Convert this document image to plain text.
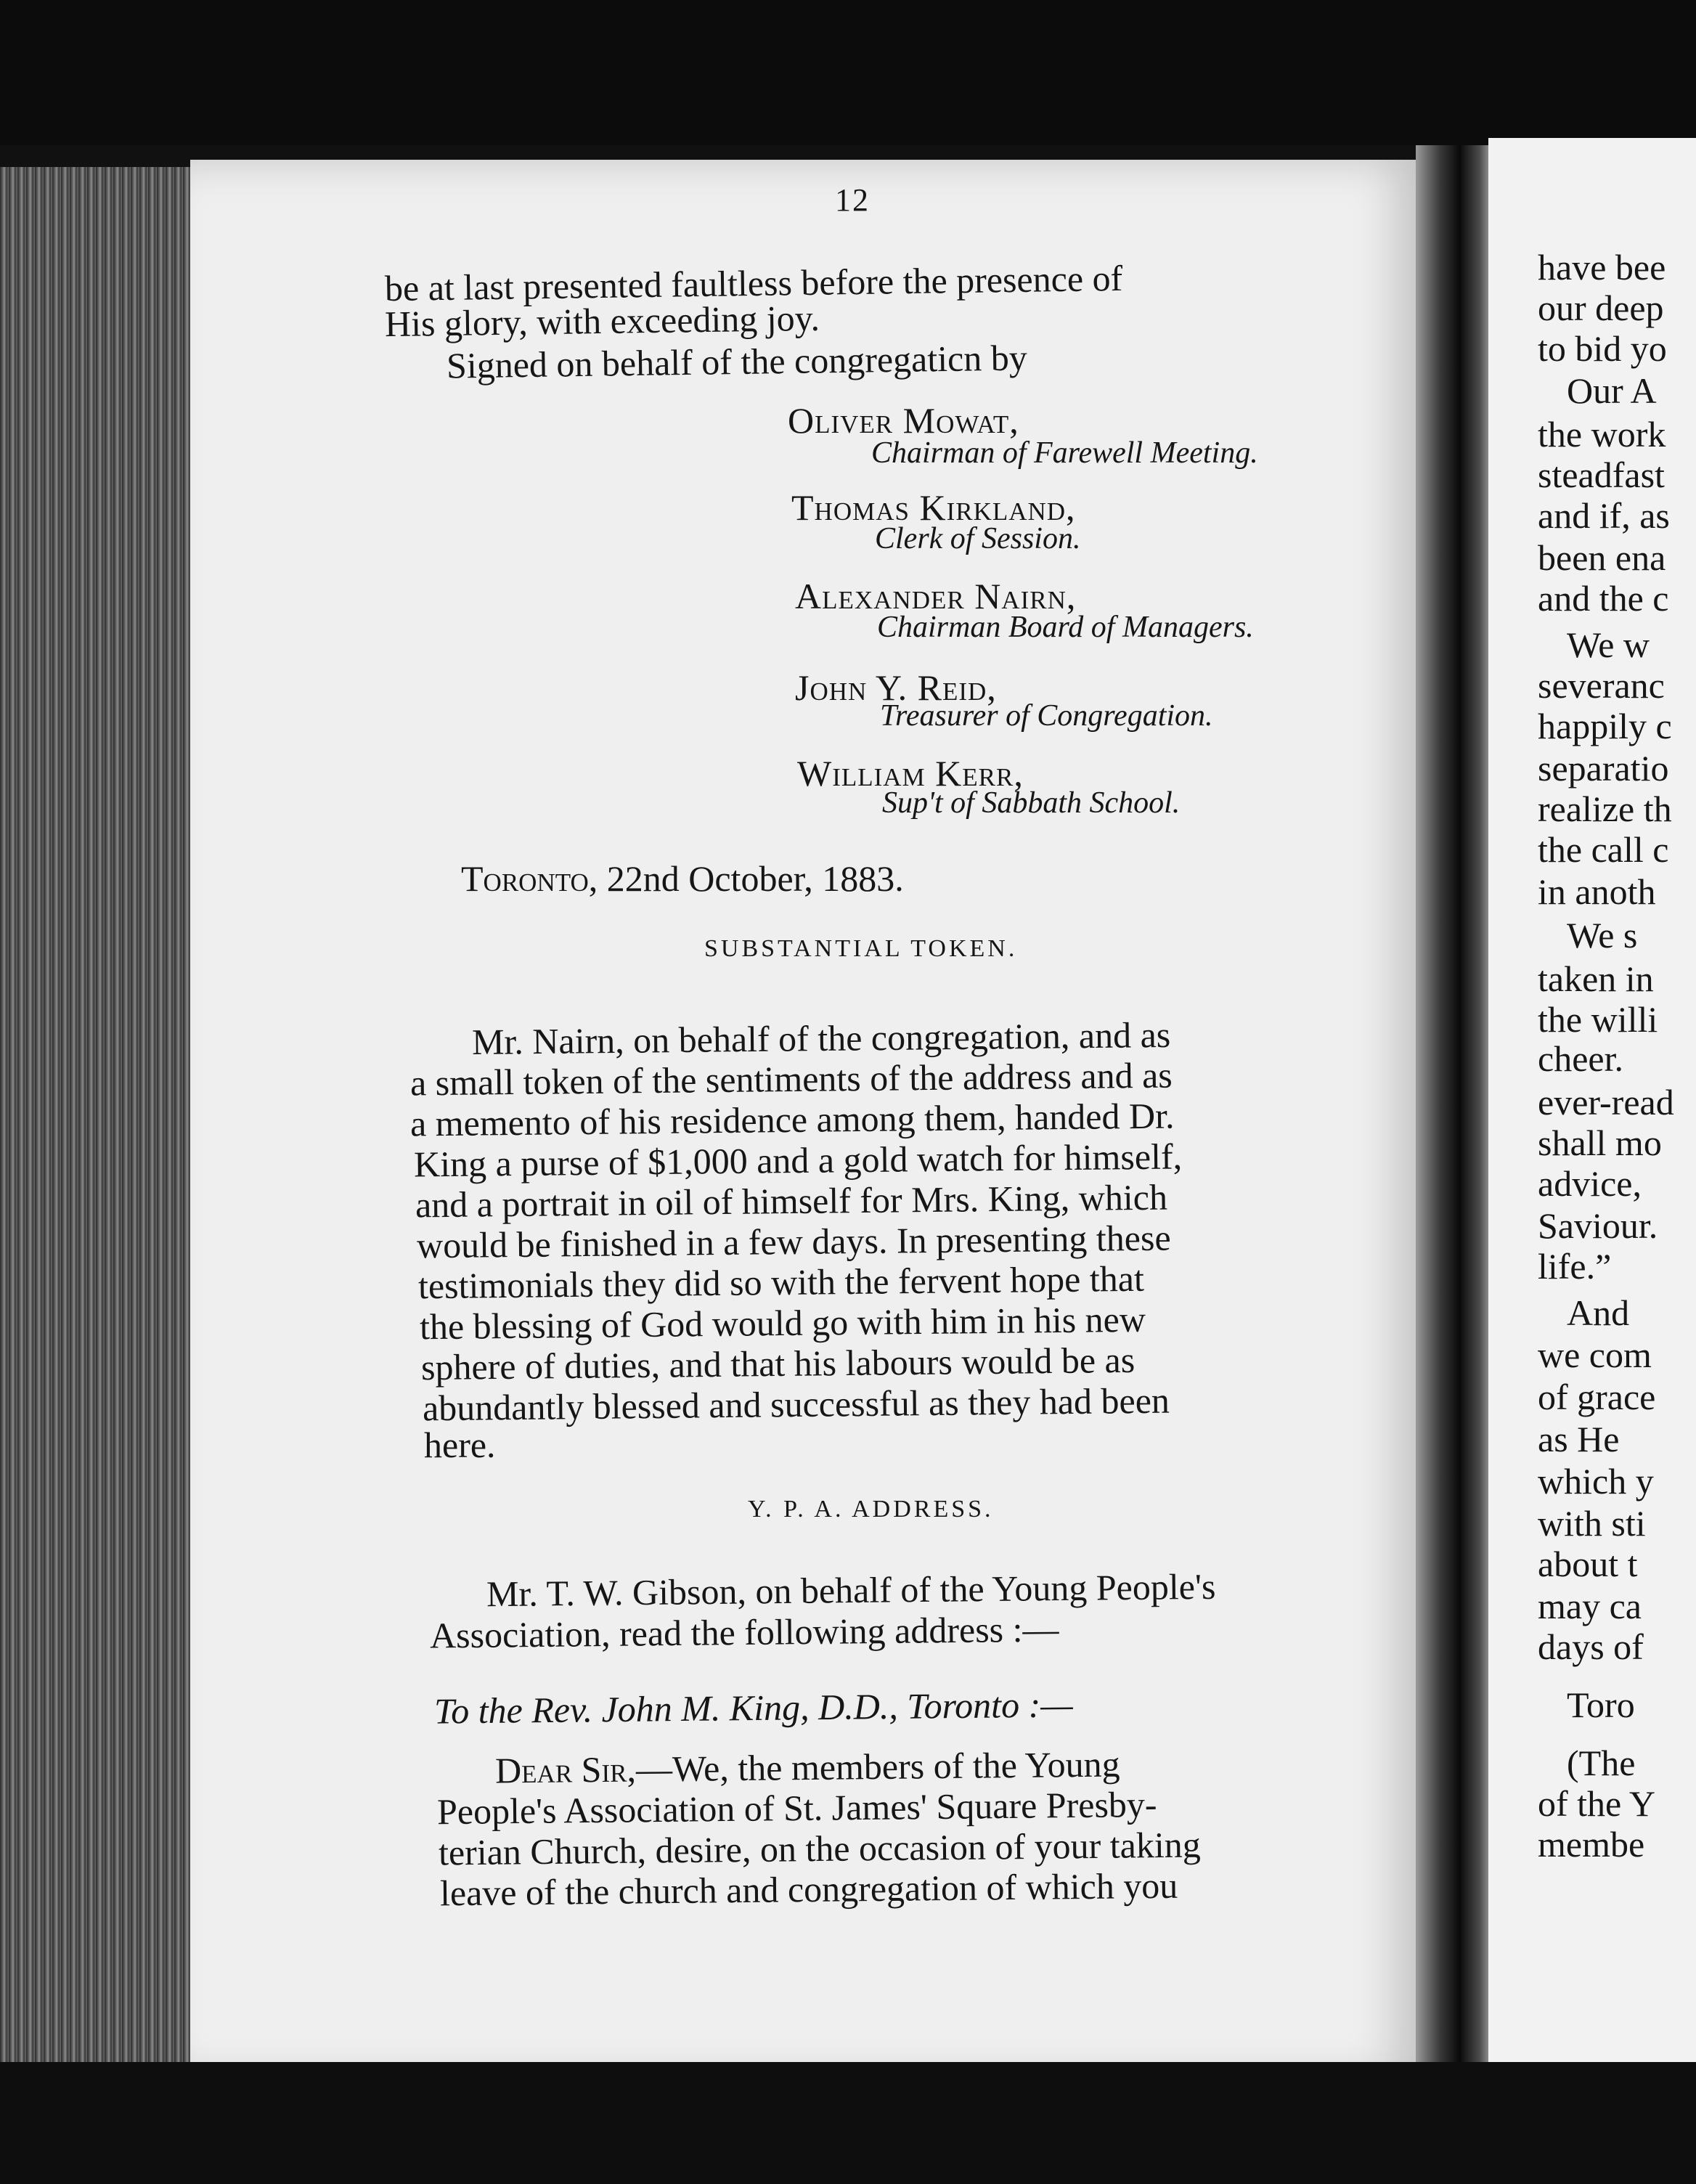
12
be at last presented faultless before the presence of
His glory, with exceeding joy.
Signed on behalf of the congregaticn by
Oliver Mowat,
Chairman of Farewell Meeting.
Thomas Kirkland,
Clerk of Session.
Alexander Nairn,
Chairman Board of Managers.
John Y. Reid,
Treasurer of Congregation.
William Kerr,
Sup't of Sabbath School.
Toronto, 22nd October, 1883.
SUBSTANTIAL TOKEN.
Mr. Nairn, on behalf of the congregation, and as
a small token of the sentiments of the address and as
a memento of his residence among them, handed Dr.
King a purse of $1,000 and a gold watch for himself,
and a portrait in oil of himself for Mrs. King, which
would be finished in a few days. In presenting these
testimonials they did so with the fervent hope that
the blessing of God would go with him in his new
sphere of duties, and that his labours would be as
abundantly blessed and successful as they had been
here.
Y. P. A. ADDRESS.
Mr. T. W. Gibson, on behalf of the Young People's
Association, read the following address :—
To the Rev. John M. King, D.D., Toronto :—
Dear Sir,—We, the members of the Young
People's Association of St. James' Square Presby-
terian Church, desire, on the occasion of your taking
leave of the church and congregation of which you
have bee
our deep
to bid yo
Our A
the work
steadfast
and if, as
been ena
and the c
We w
severanc
happily c
separatio
realize th
the call c
in anoth
We s
taken in
the willi
cheer.
ever-read
shall mo
advice,
Saviour.
life.”
And
we com
of grace
as He
which y
with sti
about t
may ca
days of
Toro
(The
of the Y
membe
